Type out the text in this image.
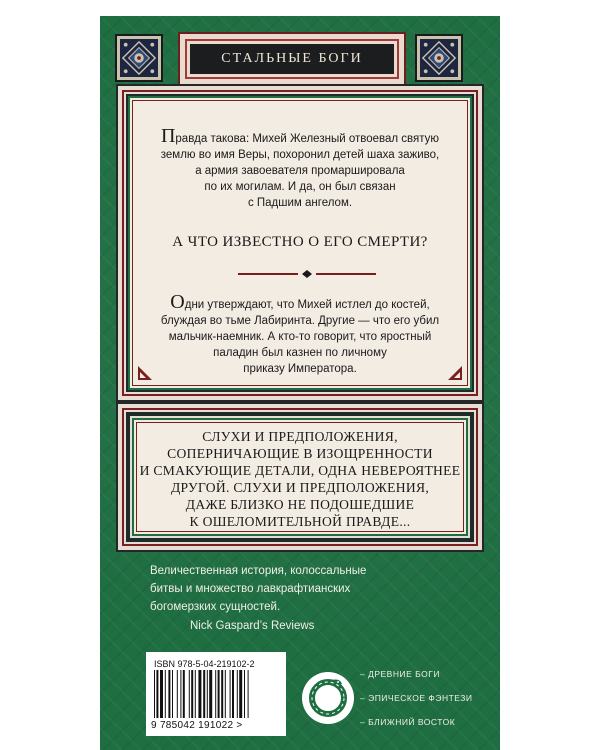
СТАЛЬНЫЕ БОГИ
Правда такова: Михей Железный отвоевал святую
землю во имя Веры, похоронил детей шаха заживо,
а армия завоевателя промаршировала
по их могилам. И да, он был связан
с Падшим ангелом.
А ЧТО ИЗВЕСТНО О ЕГО СМЕРТИ?
Одни утверждают, что Михей истлел до костей,
блуждая во тьме Лабиринта. Другие — что его убил
мальчик-наемник. А кто-то говорит, что яростный
паладин был казнен по личному
приказу Императора.
СЛУХИ И ПРЕДПОЛОЖЕНИЯ,
СОПЕРНИЧАЮЩИЕ В ИЗОЩРЕННОСТИ
И СМАКУЮЩИЕ ДЕТАЛИ, ОДНА НЕВЕРОЯТНЕЕ
ДРУГОЙ. СЛУХИ И ПРЕДПОЛОЖЕНИЯ,
ДАЖЕ БЛИЗКО НЕ ПОДОШЕДШИЕ
К ОШЕЛОМИТЕЛЬНОЙ ПРАВДЕ...
Величественная история, колоссальные
битвы и множество лавкрафтианских
богомерзких сущностей.
Nick Gaspard’s Reviews
ISBN 978-5-04-219102-2
9 785042 191022 >
– ДРЕВНИЕ БОГИ
– ЭПИЧЕСКОЕ ФЭНТЕЗИ
– БЛИЖНИЙ ВОСТОК
